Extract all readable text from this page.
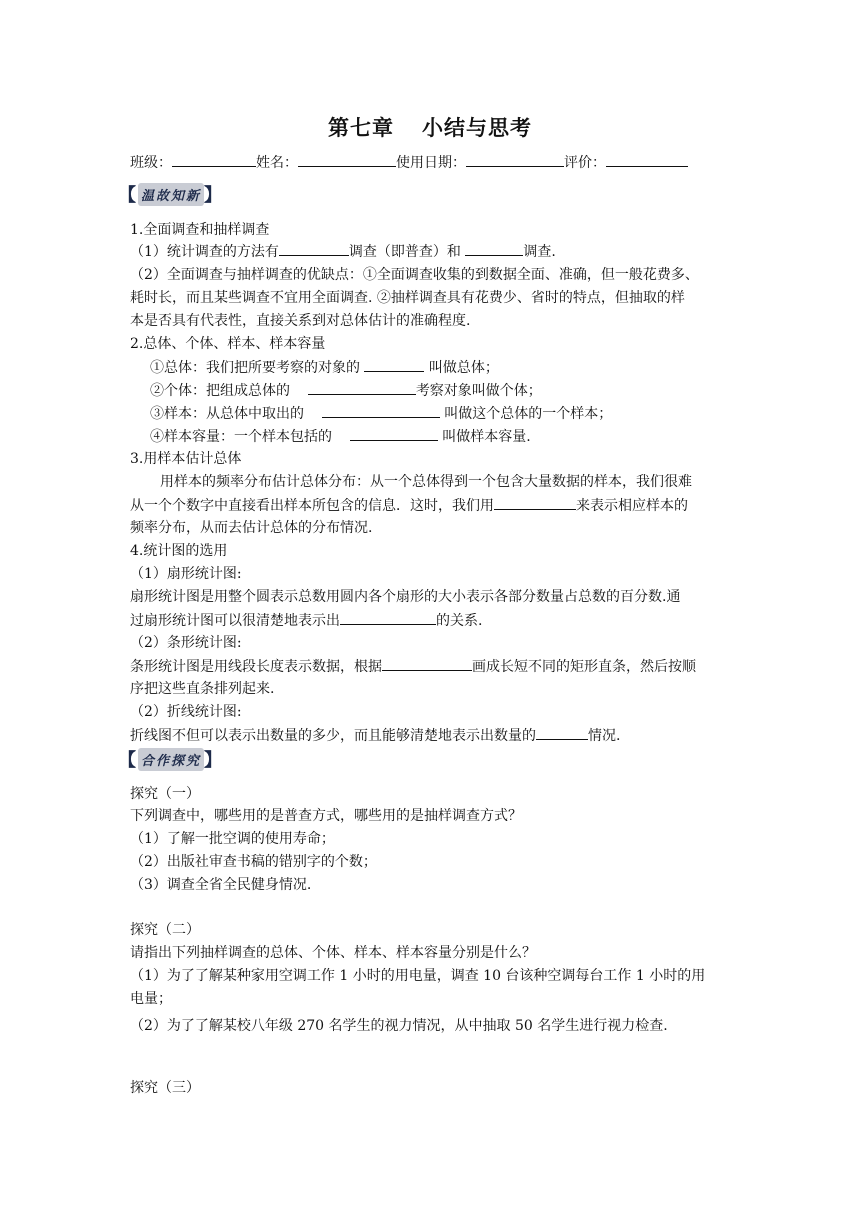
第七章 小结与思考
班级：	姓名：	使用日期：	评价：
【 温故知新 】
1.全面调查和抽样调查
（1）统计调查的方法有	调查（即普查）和	调查.
（2）全面调查与抽样调查的优缺点：①全面调查收集的到数据全面、准确，但一般花费多、
耗时长，而且某些调查不宜用全面调查. ②抽样调查具有花费少、省时的特点，但抽取的样
本是否具有代表性，直接关系到对总体估计的准确程度.
2.总体、个体、样本、样本容量
①总体：我们把所要考察的对象的	叫做总体；
②个体：把组成总体的	考察对象叫做个体；
③样本：从总体中取出的	叫做这个总体的一个样本；
④样本容量：一个样本包括的	叫做样本容量.
3.用样本估计总体
用样本的频率分布估计总体分布：从一个总体得到一个包含大量数据的样本，我们很难
从一个个数字中直接看出样本所包含的信息．这时，我们用	来表示相应样本的
频率分布，从而去估计总体的分布情况.
4.统计图的选用
（1）扇形统计图:
扇形统计图是用整个圆表示总数用圆内各个扇形的大小表示各部分数量占总数的百分数.通
过扇形统计图可以很清楚地表示出	的关系.
（2）条形统计图:
条形统计图是用线段长度表示数据，根据	画成长短不同的矩形直条，然后按顺
序把这些直条排列起来.
（2）折线统计图:
折线图不但可以表示出数量的多少，而且能够清楚地表示出数量的	情况.
【 合作探究 】
探究（一）
下列调查中，哪些用的是普查方式，哪些用的是抽样调查方式？
（1）了解一批空调的使用寿命；
（2）出版社审查书稿的错别字的个数；
（3）调查全省全民健身情况.
探究（二）
请指出下列抽样调查的总体、个体、样本、样本容量分别是什么？
（1）为了了解某种家用空调工作 1 小时的用电量，调查 10 台该种空调每台工作 1 小时的用
电量；
（2）为了了解某校八年级 270 名学生的视力情况，从中抽取 50 名学生进行视力检查.
探究（三）
